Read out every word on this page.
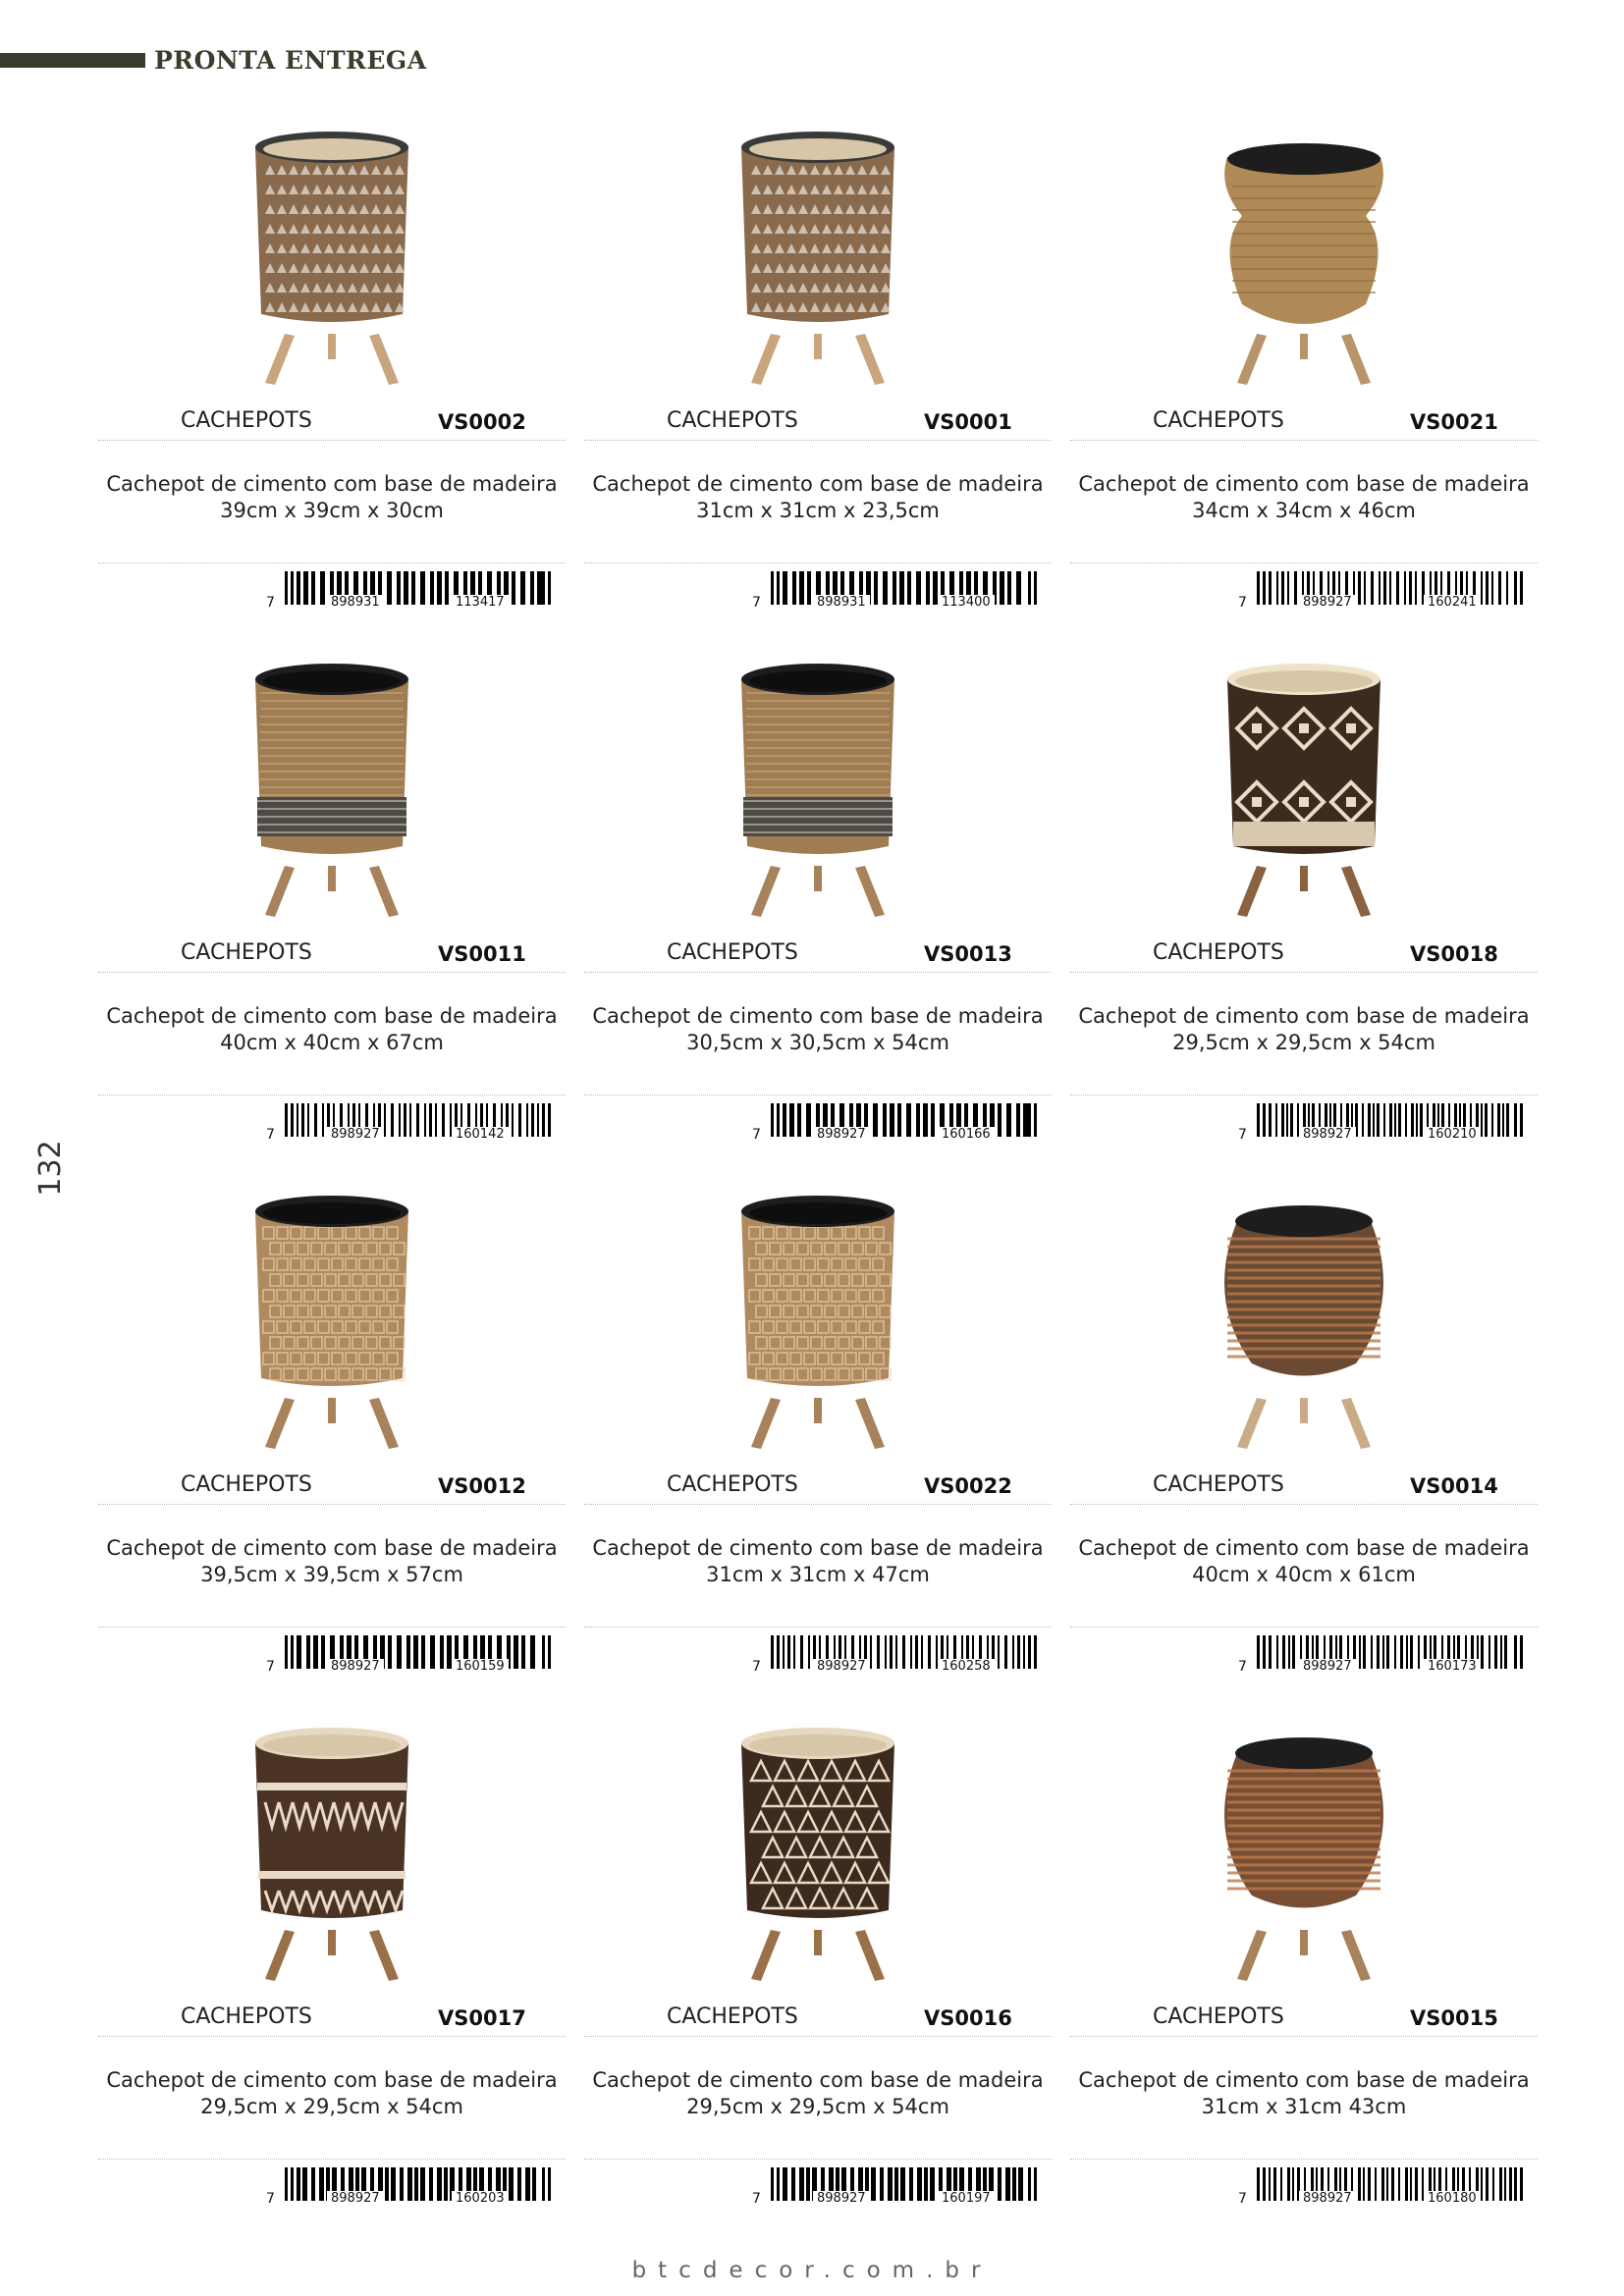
PRONTA ENTREGA
132
CACHEPOTS	VS0002
Cachepot de cimento com base de madeira
39cm x 39cm x 30cm
7	898931	113417
CACHEPOTS	VS0001
Cachepot de cimento com base de madeira
31cm x 31cm x 23,5cm
7	898931	113400
CACHEPOTS	VS0021
Cachepot de cimento com base de madeira
34cm x 34cm x 46cm
7	898927	160241
CACHEPOTS	VS0011
Cachepot de cimento com base de madeira
40cm x 40cm x 67cm
7	898927	160142
CACHEPOTS	VS0013
Cachepot de cimento com base de madeira
30,5cm x 30,5cm x 54cm
7	898927	160166
CACHEPOTS	VS0018
Cachepot de cimento com base de madeira
29,5cm x 29,5cm x 54cm
7	898927	160210
CACHEPOTS	VS0012
Cachepot de cimento com base de madeira
39,5cm x 39,5cm x 57cm
7	898927	160159
CACHEPOTS	VS0022
Cachepot de cimento com base de madeira
31cm x 31cm x 47cm
7	898927	160258
CACHEPOTS	VS0014
Cachepot de cimento com base de madeira
40cm x 40cm x 61cm
7	898927	160173
CACHEPOTS	VS0017
Cachepot de cimento com base de madeira
29,5cm x 29,5cm x 54cm
7	898927	160203
CACHEPOTS	VS0016
Cachepot de cimento com base de madeira
29,5cm x 29,5cm x 54cm
7	898927	160197
CACHEPOTS	VS0015
Cachepot de cimento com base de madeira
31cm x 31cm 43cm
7	898927	160180
btcdecor.com.br
